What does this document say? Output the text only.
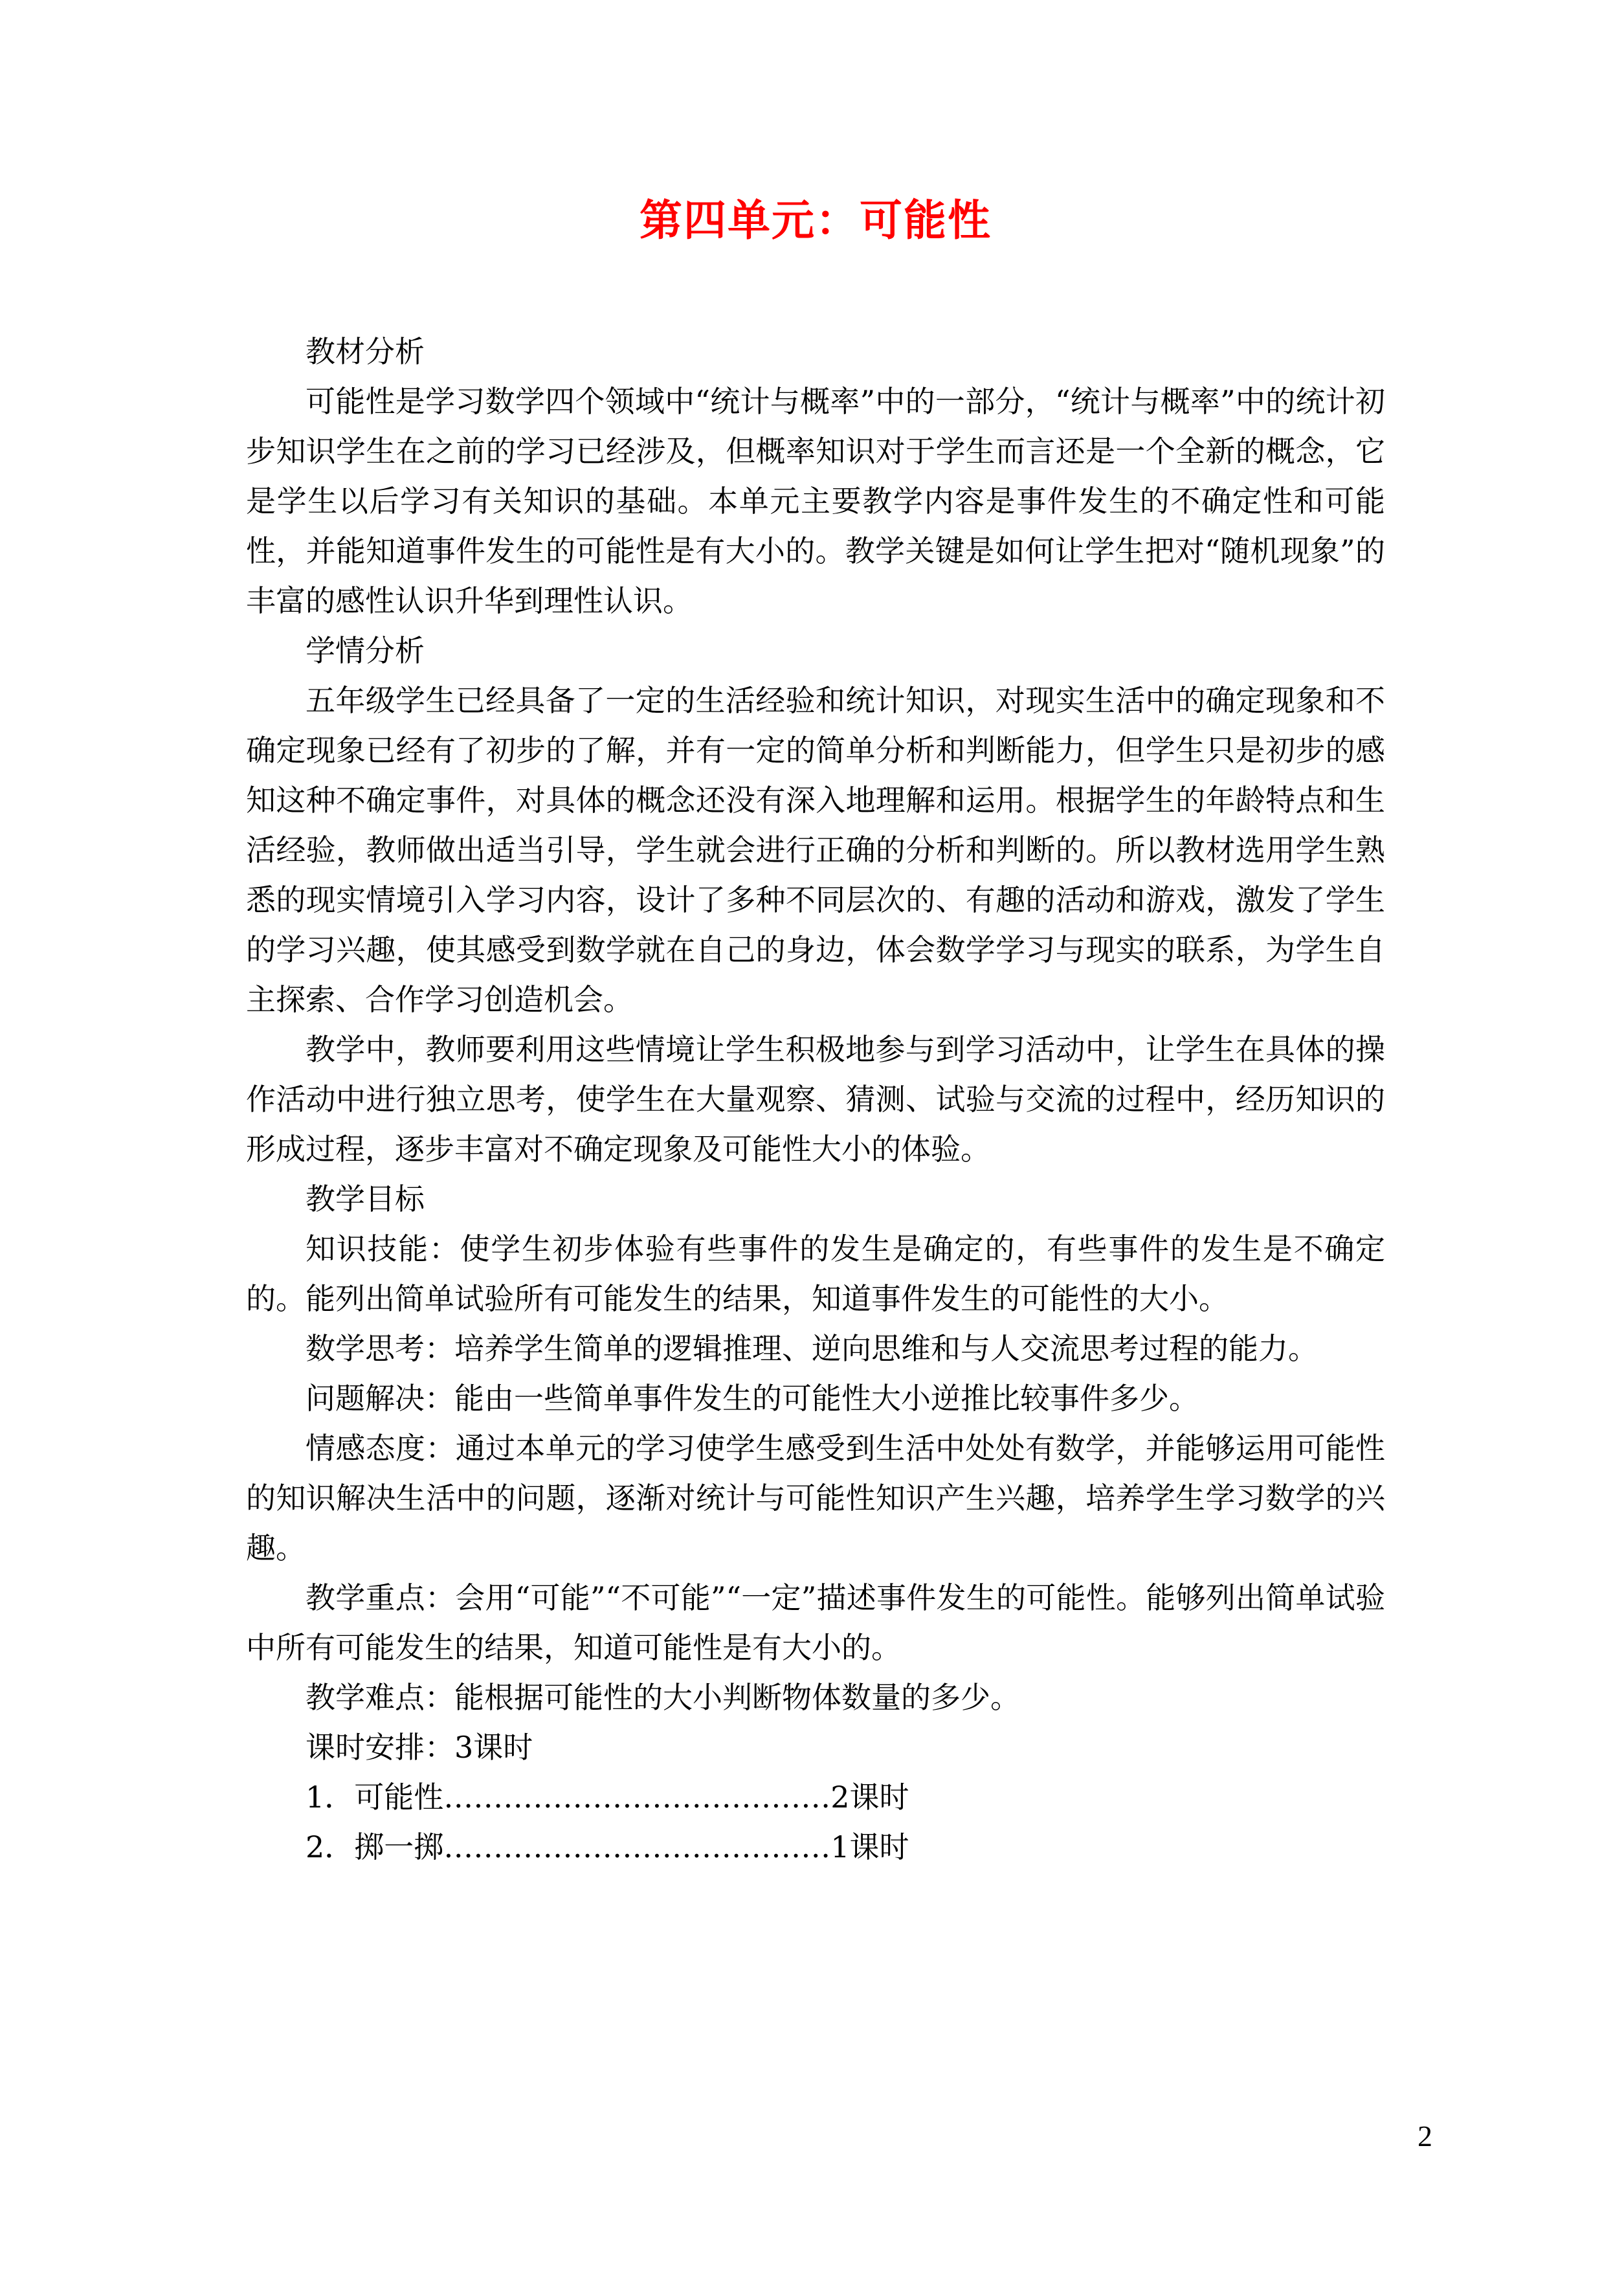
第四单元：可能性

教材分析

可能性是学习数学四个领域中“统计与概率”中的一部分，“统计与概率”中的统计初步知识学生在之前的学习已经涉及，但概率知识对于学生而言还是一个全新的概念，它是学生以后学习有关知识的基础。本单元主要教学内容是事件发生的不确定性和可能性，并能知道事件发生的可能性是有大小的。教学关键是如何让学生把对“随机现象”的丰富的感性认识升华到理性认识。

学情分析

五年级学生已经具备了一定的生活经验和统计知识，对现实生活中的确定现象和不确定现象已经有了初步的了解，并有一定的简单分析和判断能力，但学生只是初步的感知这种不确定事件，对具体的概念还没有深入地理解和运用。根据学生的年龄特点和生活经验，教师做出适当引导，学生就会进行正确的分析和判断的。所以教材选用学生熟悉的现实情境引入学习内容，设计了多种不同层次的、有趣的活动和游戏，激发了学生的学习兴趣，使其感受到数学就在自己的身边，体会数学学习与现实的联系，为学生自主探索、合作学习创造机会。

教学中，教师要利用这些情境让学生积极地参与到学习活动中，让学生在具体的操作活动中进行独立思考，使学生在大量观察、猜测、试验与交流的过程中，经历知识的形成过程，逐步丰富对不确定现象及可能性大小的体验。

教学目标

知识技能：使学生初步体验有些事件的发生是确定的，有些事件的发生是不确定的。能列出简单试验所有可能发生的结果，知道事件发生的可能性的大小。

数学思考：培养学生简单的逻辑推理、逆向思维和与人交流思考过程的能力。

问题解决：能由一些简单事件发生的可能性大小逆推比较事件多少。

情感态度：通过本单元的学习使学生感受到生活中处处有数学，并能够运用可能性的知识解决生活中的问题，逐渐对统计与可能性知识产生兴趣，培养学生学习数学的兴趣。

教学重点：会用“可能”“不可能”“一定”描述事件发生的可能性。能够列出简单试验中所有可能发生的结果，知道可能性是有大小的。

教学难点：能根据可能性的大小判断物体数量的多少。

课时安排：3课时

1．可能性…………………………………2课时

2．掷一掷…………………………………1课时

2
